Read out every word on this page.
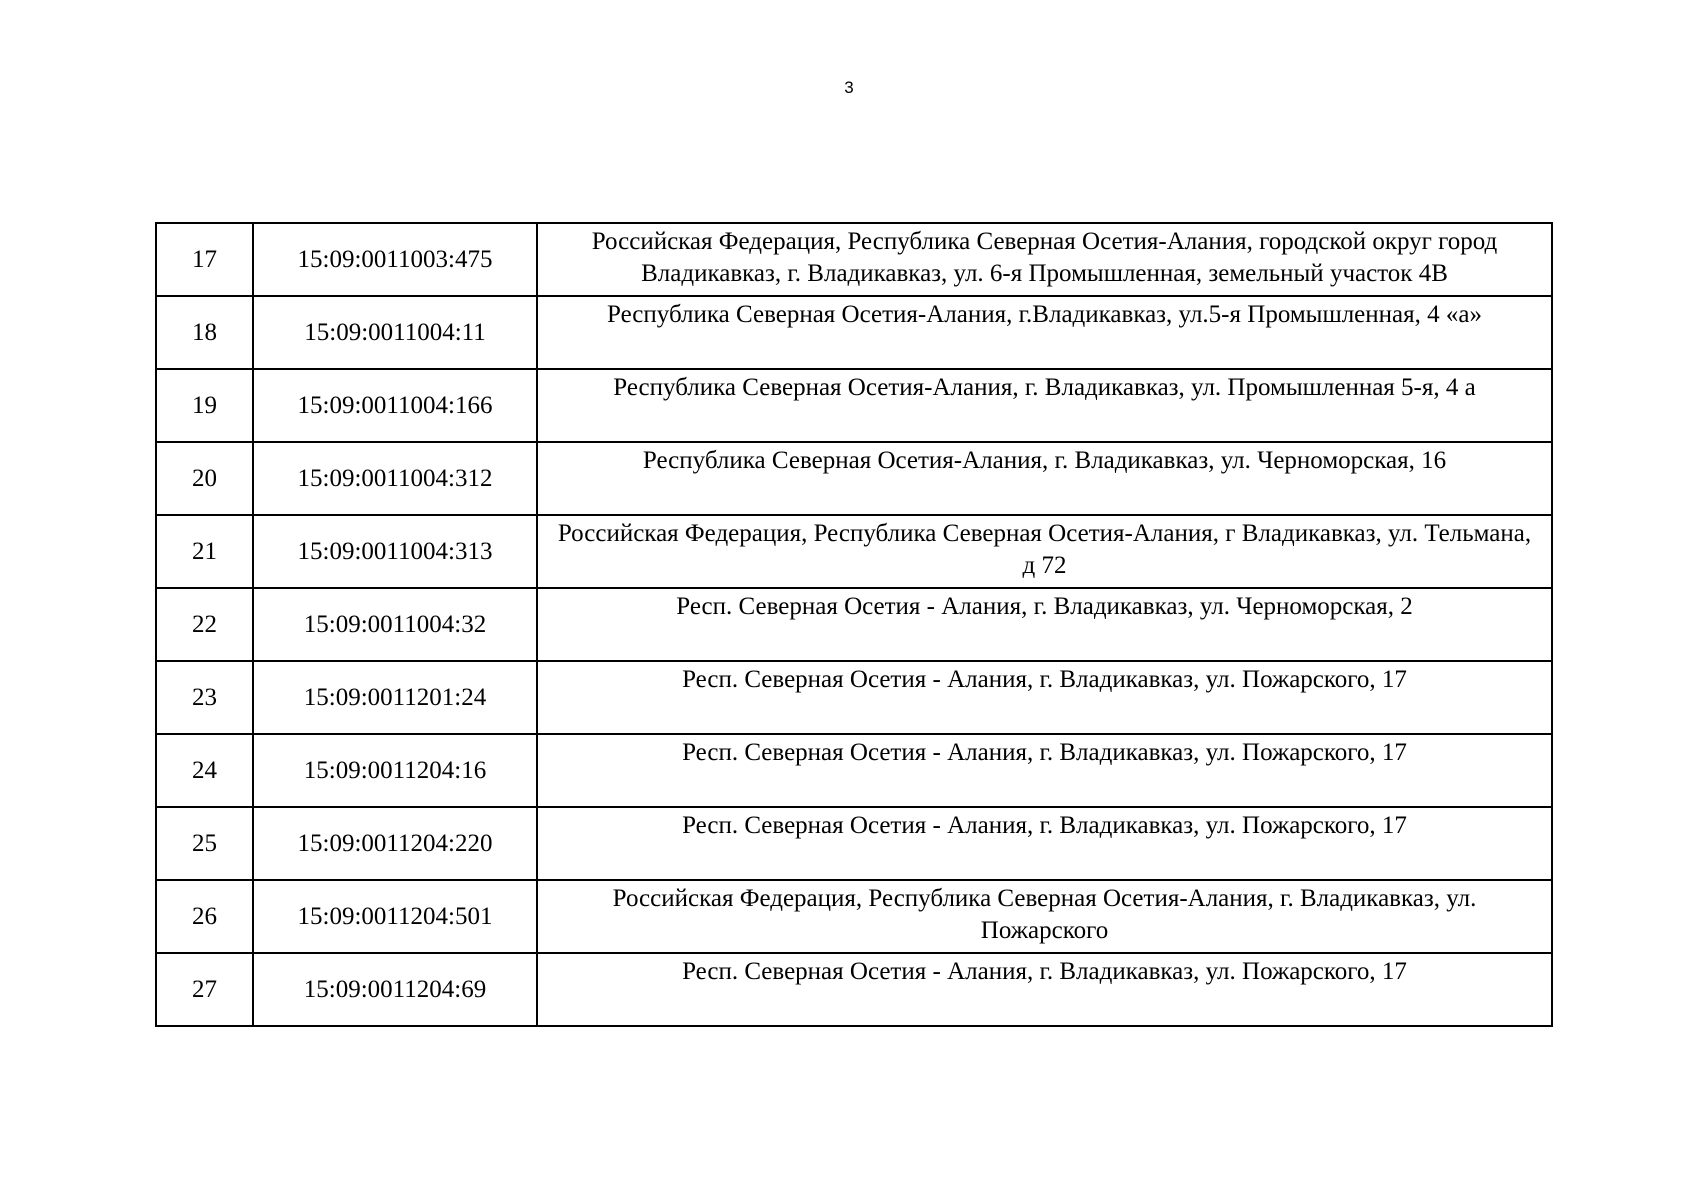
3
17	15:09:0011003:475	Российская Федерация, Республика Северная Осетия-Алания, городской округ город Владикавказ, г. Владикавказ, ул. 6-я Промышленная, земельный участок 4В
18	15:09:0011004:11	Республика Северная Осетия-Алания, г.Владикавказ, ул.5-я Промышленная, 4 «а»
19	15:09:0011004:166	Республика Северная Осетия-Алания, г. Владикавказ, ул. Промышленная 5-я, 4 а
20	15:09:0011004:312	Республика Северная Осетия-Алания, г. Владикавказ, ул. Черноморская, 16
21	15:09:0011004:313	Российская Федерация, Республика Северная Осетия-Алания, г Владикавказ, ул. Тельмана, д 72
22	15:09:0011004:32	Респ. Северная Осетия - Алания, г. Владикавказ, ул. Черноморская, 2
23	15:09:0011201:24	Респ. Северная Осетия - Алания, г. Владикавказ, ул. Пожарского, 17
24	15:09:0011204:16	Респ. Северная Осетия - Алания, г. Владикавказ, ул. Пожарского, 17
25	15:09:0011204:220	Респ. Северная Осетия - Алания, г. Владикавказ, ул. Пожарского, 17
26	15:09:0011204:501	Российская Федерация, Республика Северная Осетия-Алания, г. Владикавказ, ул. Пожарского
27	15:09:0011204:69	Респ. Северная Осетия - Алания, г. Владикавказ, ул. Пожарского, 17
